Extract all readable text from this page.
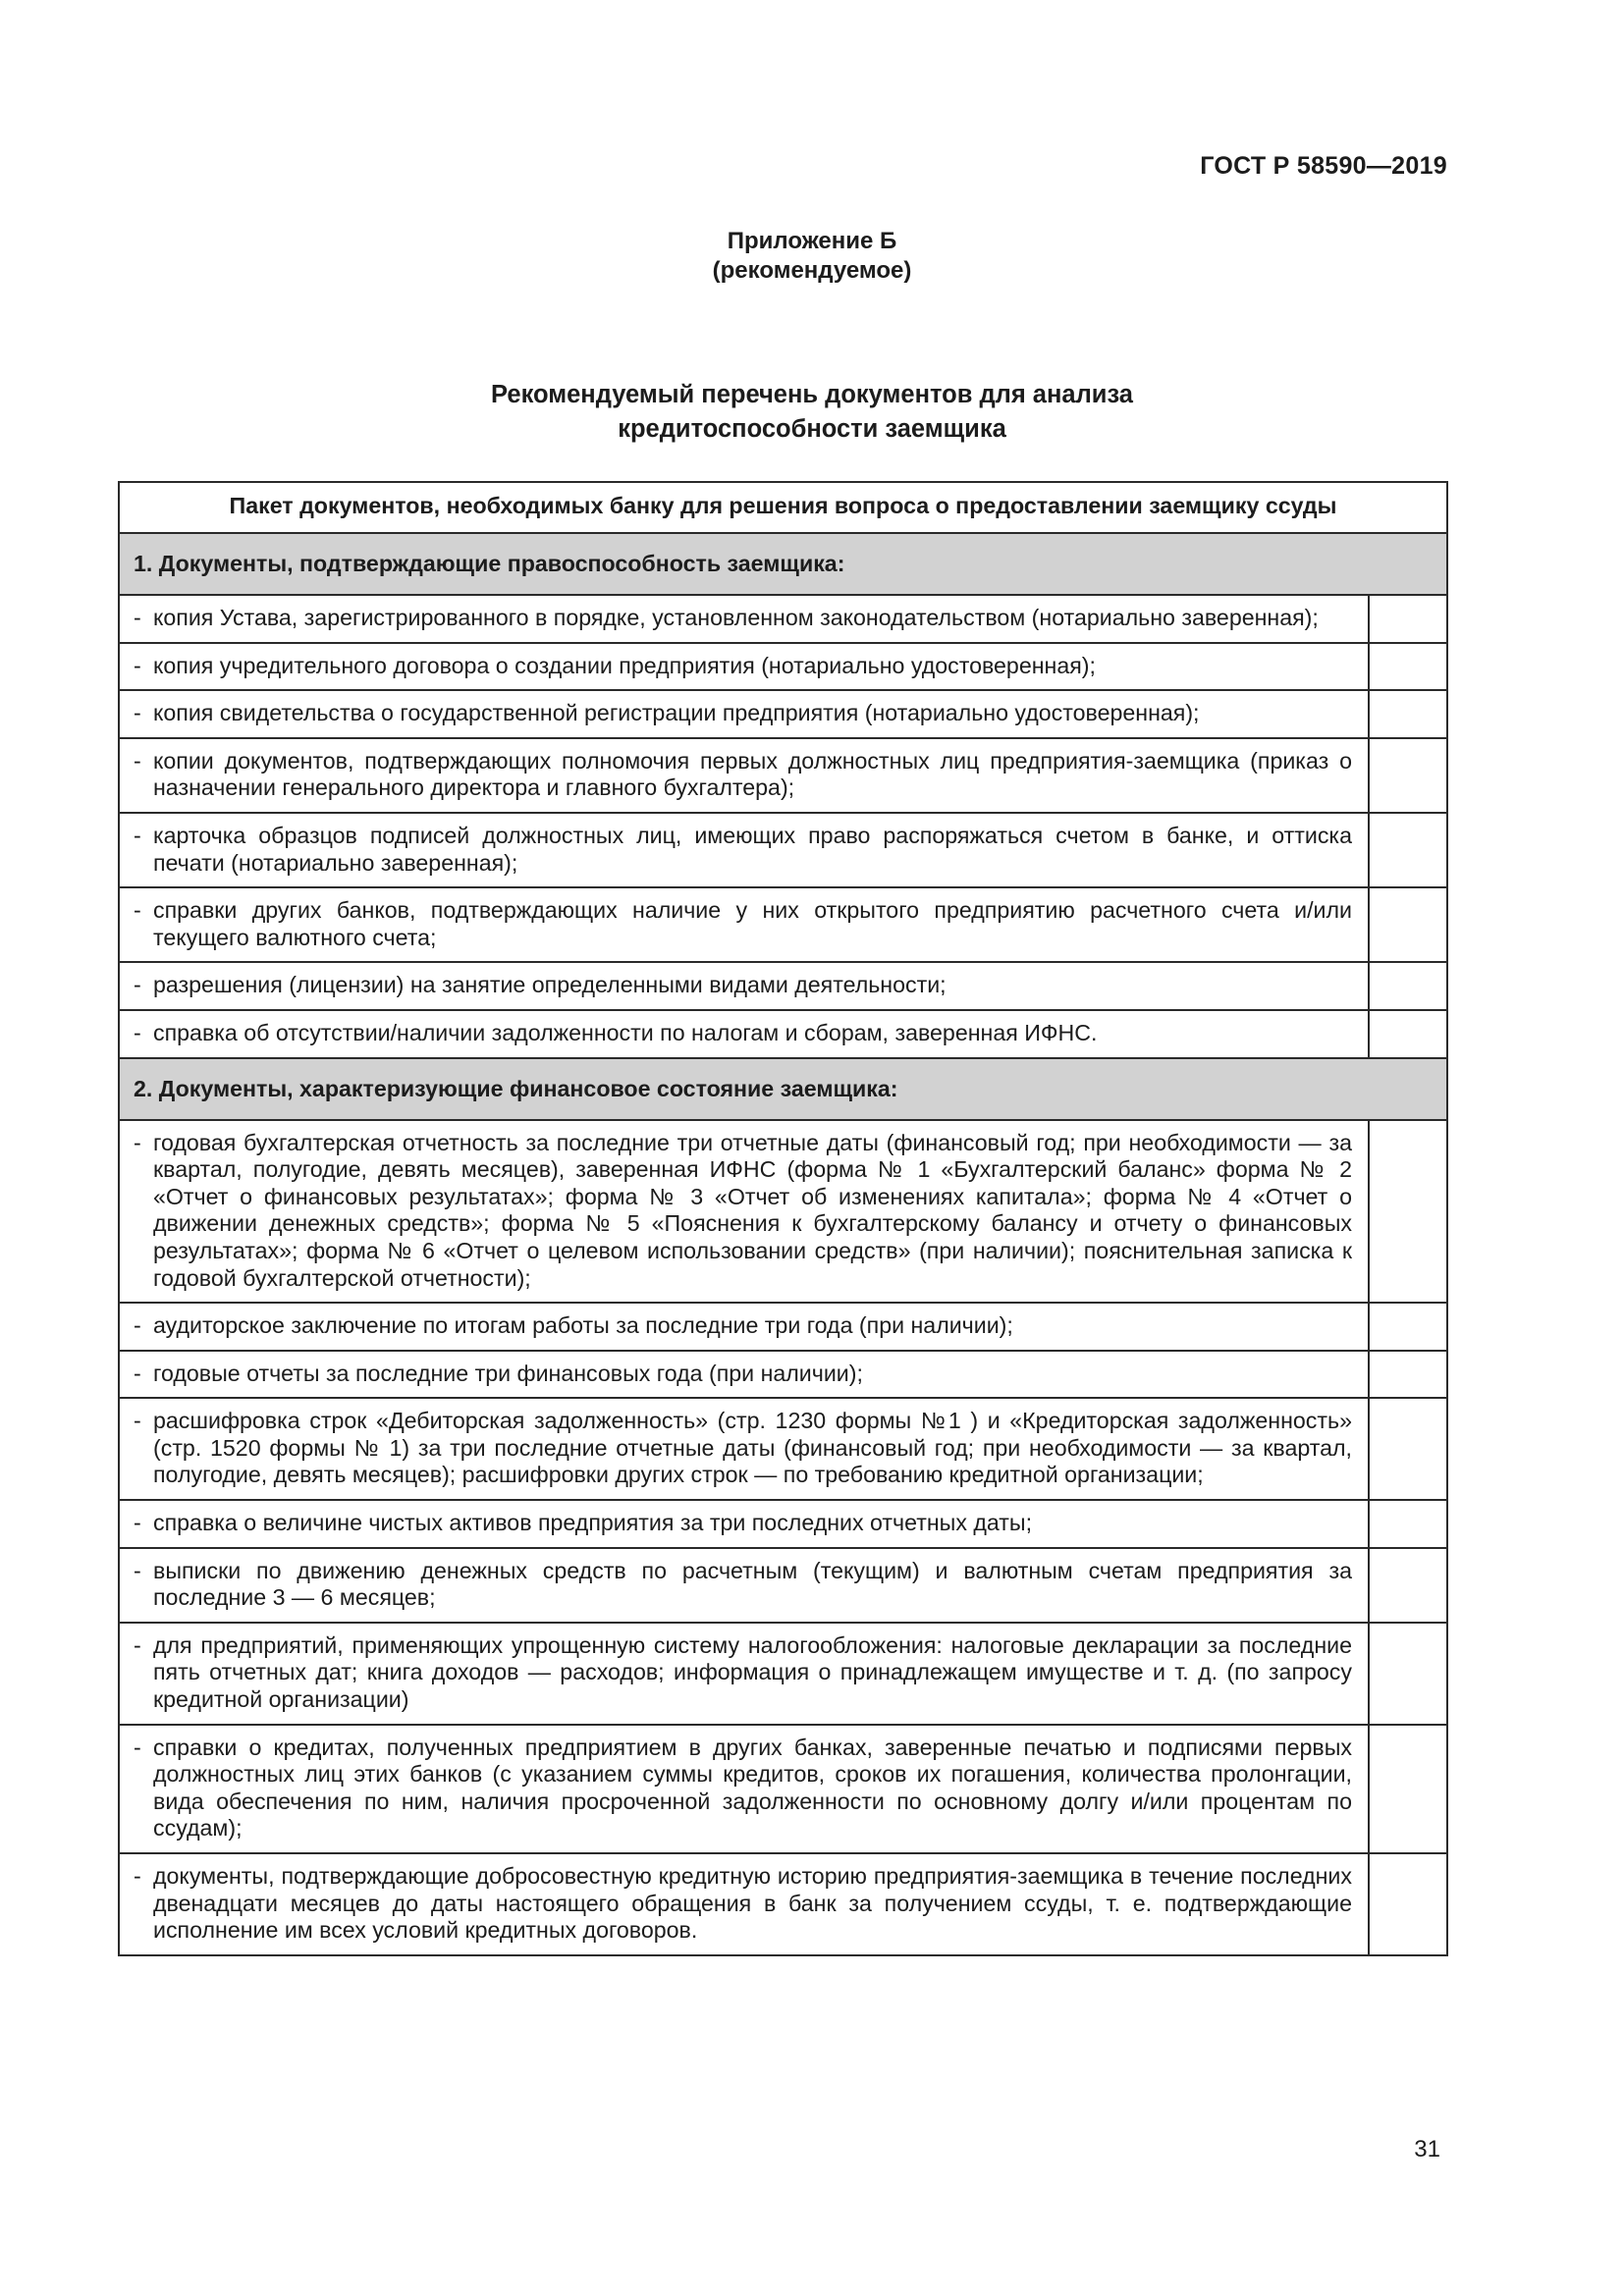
ГОСТ Р 58590—2019
Приложение Б
(рекомендуемое)
Рекомендуемый перечень документов для анализа
кредитоспособности заемщика
Пакет документов, необходимых банку для решения вопроса о предоставлении заемщику ссуды	
1. Документы, подтверждающие правоспособность заемщика:	

- копия Устава, зарегистрированного в порядке, установленном законодательством (нотариально заверенная);	

- копия учредительного договора о создании предприятия (нотариально удостоверенная);	

- копия свидетельства о государственной регистрации предприятия (нотариально удостоверенная);	

- копии документов, подтверждающих полномочия первых должностных лиц предприятия-заемщика (приказ о назначении генерального директора и главного бухгалтера);	

- карточка образцов подписей должностных лиц, имеющих право распоряжаться счетом в банке, и оттиска печати (нотариально заверенная);	

- справки других банков, подтверждающих наличие у них открытого предприятию расчетного счета и/или текущего валютного счета;	

- разрешения (лицензии) на занятие определенными видами деятельности;	

- справка об отсутствии/наличии задолженности по налогам и сборам, заверенная ИФНС.	

2. Документы, характеризующие финансовое состояние заемщика:	

- годовая бухгалтерская отчетность за последние три отчетные даты (финансовый год; при необходимости — за квартал, полугодие, девять месяцев), заверенная ИФНС (форма № 1 «Бухгалтерский баланс» форма № 2 «Отчет о финансовых результатах»; форма № 3 «Отчет об изменениях капитала»; форма № 4 «Отчет о движении денежных средств»; форма № 5 «Пояснения к бухгалтерскому балансу и отчету о финансовых результатах»; форма № 6 «Отчет о целевом использовании средств» (при наличии); пояснительная записка к годовой бухгалтерской отчетности);	

- аудиторское заключение по итогам работы за последние три года (при наличии);	

- годовые отчеты за последние три финансовых года (при наличии);	

- расшифровка строк «Дебиторская задолженность» (стр. 1230 формы №1 ) и «Кредиторская задолженность» (стр. 1520 формы № 1) за три последние отчетные даты (финансовый год; при необходимости — за квартал, полугодие, девять месяцев); расшифровки других строк — по требованию кредитной организации;	

- справка о величине чистых активов предприятия за три последних отчетных даты;	

- выписки по движению денежных средств по расчетным (текущим) и валютным счетам предприятия за последние 3 — 6 месяцев;	

- для предприятий, применяющих упрощенную систему налогообложения: налоговые декларации за последние пять отчетных дат; книга доходов — расходов; информация о принадлежащем имуществе и т. д. (по запросу кредитной организации)	

- справки о кредитах, полученных предприятием в других банках, заверенные печатью и подписями первых должностных лиц этих банков (с указанием суммы кредитов, сроков их погашения, количества пролонгации, вида обеспечения по ним, наличия просроченной задолженности по основному долгу и/или процентам по ссудам);	

- документы, подтверждающие добросовестную кредитную историю предприятия-заемщика в течение последних двенадцати месяцев до даты настоящего обращения в банк за получением ссуды, т. е. подтверждающие исполнение им всех условий кредитных договоров.	

31
